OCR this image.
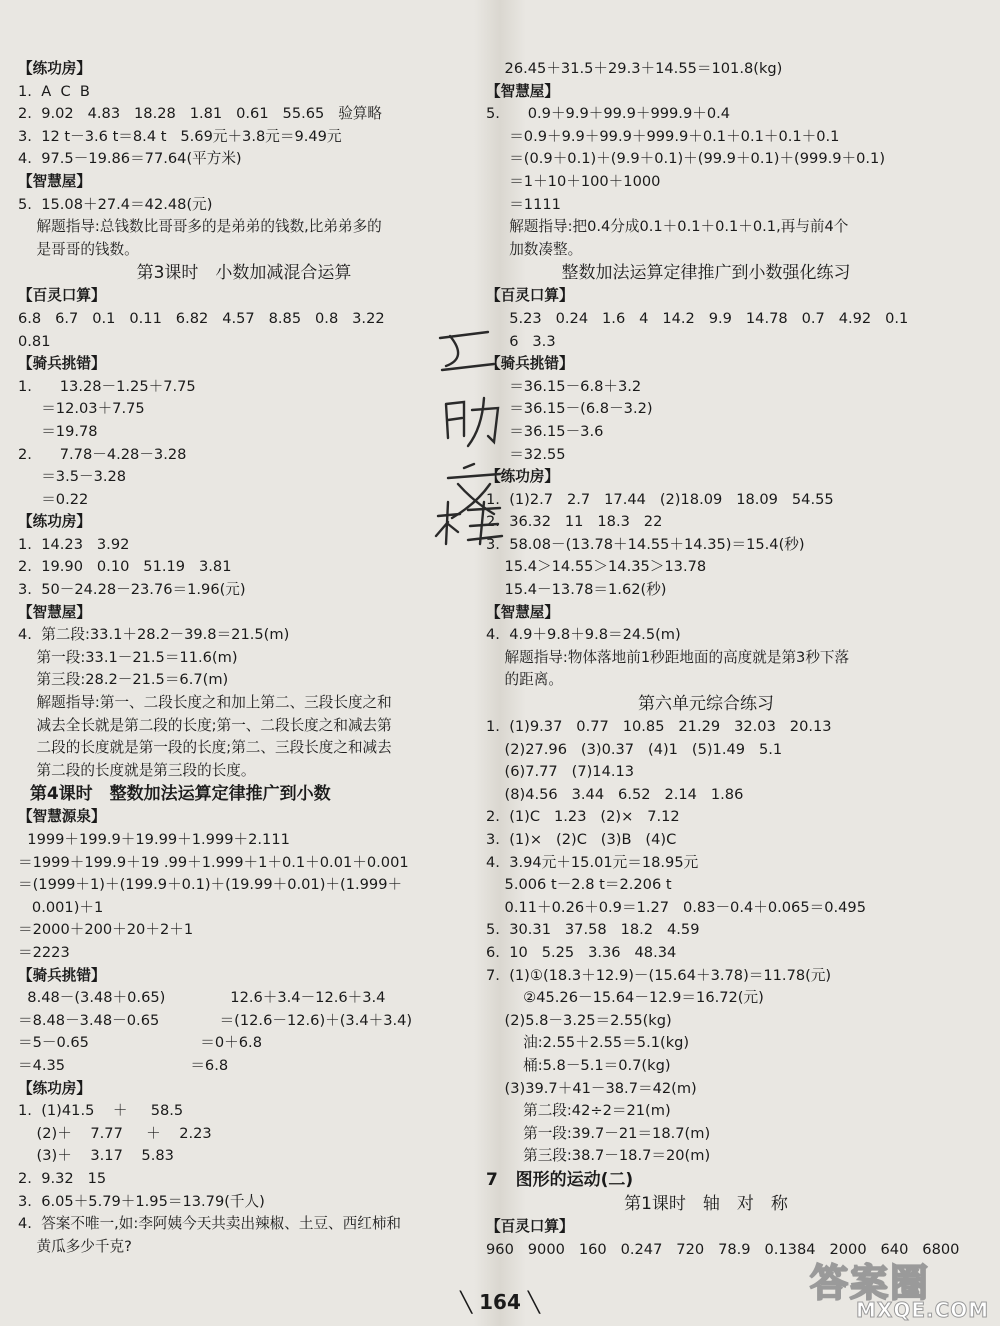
【练功房】
1.  A  C  B
2.  9.02   4.83   18.28   1.81   0.61   55.65   验算略
3.  12 t－3.6 t＝8.4 t   5.69元＋3.8元＝9.49元
4.  97.5－19.86＝77.64(平方米)
【智慧屋】
5.  15.08＋27.4＝42.48(元)
解题指导:总钱数比哥哥多的是弟弟的钱数,比弟弟多的
是哥哥的钱数。
第3课时　小数加减混合运算
【百灵口算】
6.8   6.7   0.1   0.11   6.82   4.57   8.85   0.8   3.22
0.81
【骑兵挑错】
1.      13.28－1.25＋7.75
＝12.03＋7.75
＝19.78
2.      7.78－4.28－3.28
＝3.5－3.28
＝0.22
【练功房】
1.  14.23   3.92
2.  19.90   0.10   51.19   3.81
3.  50－24.28－23.76＝1.96(元)
【智慧屋】
4.  第二段:33.1＋28.2－39.8＝21.5(m)
第一段:33.1－21.5＝11.6(m)
第三段:28.2－21.5＝6.7(m)
解题指导:第一、二段长度之和加上第二、三段长度之和
减去全长就是第二段的长度;第一、二段长度之和减去第
二段的长度就是第一段的长度;第二、三段长度之和减去
第二段的长度就是第三段的长度。
第4课时　整数加法运算定律推广到小数
【智慧源泉】
1999＋199.9＋19.99＋1.999＋2.111
＝1999＋199.9＋19 .99＋1.999＋1＋0.1＋0.01＋0.001
＝(1999＋1)＋(199.9＋0.1)＋(19.99＋0.01)＋(1.999＋
0.001)＋1
＝2000＋200＋20＋2＋1
＝2223
【骑兵挑错】
8.48－(3.48＋0.65)              12.6＋3.4－12.6＋3.4
＝8.48－3.48－0.65             ＝(12.6－12.6)＋(3.4＋3.4)
＝5－0.65                        ＝0＋6.8
＝4.35                           ＝6.8
【练功房】
1.  (1)41.5    ＋     58.5
(2)＋    7.77     ＋    2.23
(3)＋    3.17    5.83
2.  9.32   15
3.  6.05＋5.79＋1.95＝13.79(千人)
4.  答案不唯一,如:李阿姨今天共卖出辣椒、土豆、西红柿和
黄瓜多少千克?
26.45＋31.5＋29.3＋14.55＝101.8(kg)
【智慧屋】
5.      0.9＋9.9＋99.9＋999.9＋0.4
＝0.9＋9.9＋99.9＋999.9＋0.1＋0.1＋0.1＋0.1
＝(0.9＋0.1)＋(9.9＋0.1)＋(99.9＋0.1)＋(999.9＋0.1)
＝1＋10＋100＋1000
＝1111
解题指导:把0.4分成0.1＋0.1＋0.1＋0.1,再与前4个
加数凑整。
整数加法运算定律推广到小数强化练习
【百灵口算】
5.23   0.24   1.6   4   14.2   9.9   14.78   0.7   4.92   0.1
6   3.3
【骑兵挑错】
＝36.15－6.8＋3.2
＝36.15－(6.8－3.2)
＝36.15－3.6
＝32.55
【练功房】
1.  (1)2.7   2.7   17.44   (2)18.09   18.09   54.55
2.  36.32   11   18.3   22
3.  58.08－(13.78＋14.55＋14.35)＝15.4(秒)
15.4＞14.55＞14.35＞13.78
15.4－13.78＝1.62(秒)
【智慧屋】
4.  4.9＋9.8＋9.8＝24.5(m)
解题指导:物体落地前1秒距地面的高度就是第3秒下落
的距离。
第六单元综合练习
1.  (1)9.37   0.77   10.85   21.29   32.03   20.13
(2)27.96   (3)0.37   (4)1   (5)1.49   5.1
(6)7.77   (7)14.13
(8)4.56   3.44   6.52   2.14   1.86
2.  (1)C   1.23   (2)×   7.12
3.  (1)×   (2)C   (3)B   (4)C
4.  3.94元＋15.01元＝18.95元
5.006 t－2.8 t＝2.206 t
0.11＋0.26＋0.9＝1.27   0.83－0.4＋0.065＝0.495
5.  30.31   37.58   18.2   4.59
6.  10   5.25   3.36   48.34
7.  (1)①(18.3＋12.9)－(15.64＋3.78)＝11.78(元)
②45.26－15.64－12.9＝16.72(元)
(2)5.8－3.25＝2.55(kg)
油:2.55＋2.55＝5.1(kg)
桶:5.8－5.1＝0.7(kg)
(3)39.7＋41－38.7＝42(m)
第二段:42÷2＝21(m)
第一段:39.7－21＝18.7(m)
第三段:38.7－18.7＝20(m)
7   图形的运动(二)
第1课时　轴　对　称
【百灵口算】
960   9000   160   0.247   720   78.9   0.1384   2000   640   6800
╲ 164 ╲	答案圈
MXQE.COM
